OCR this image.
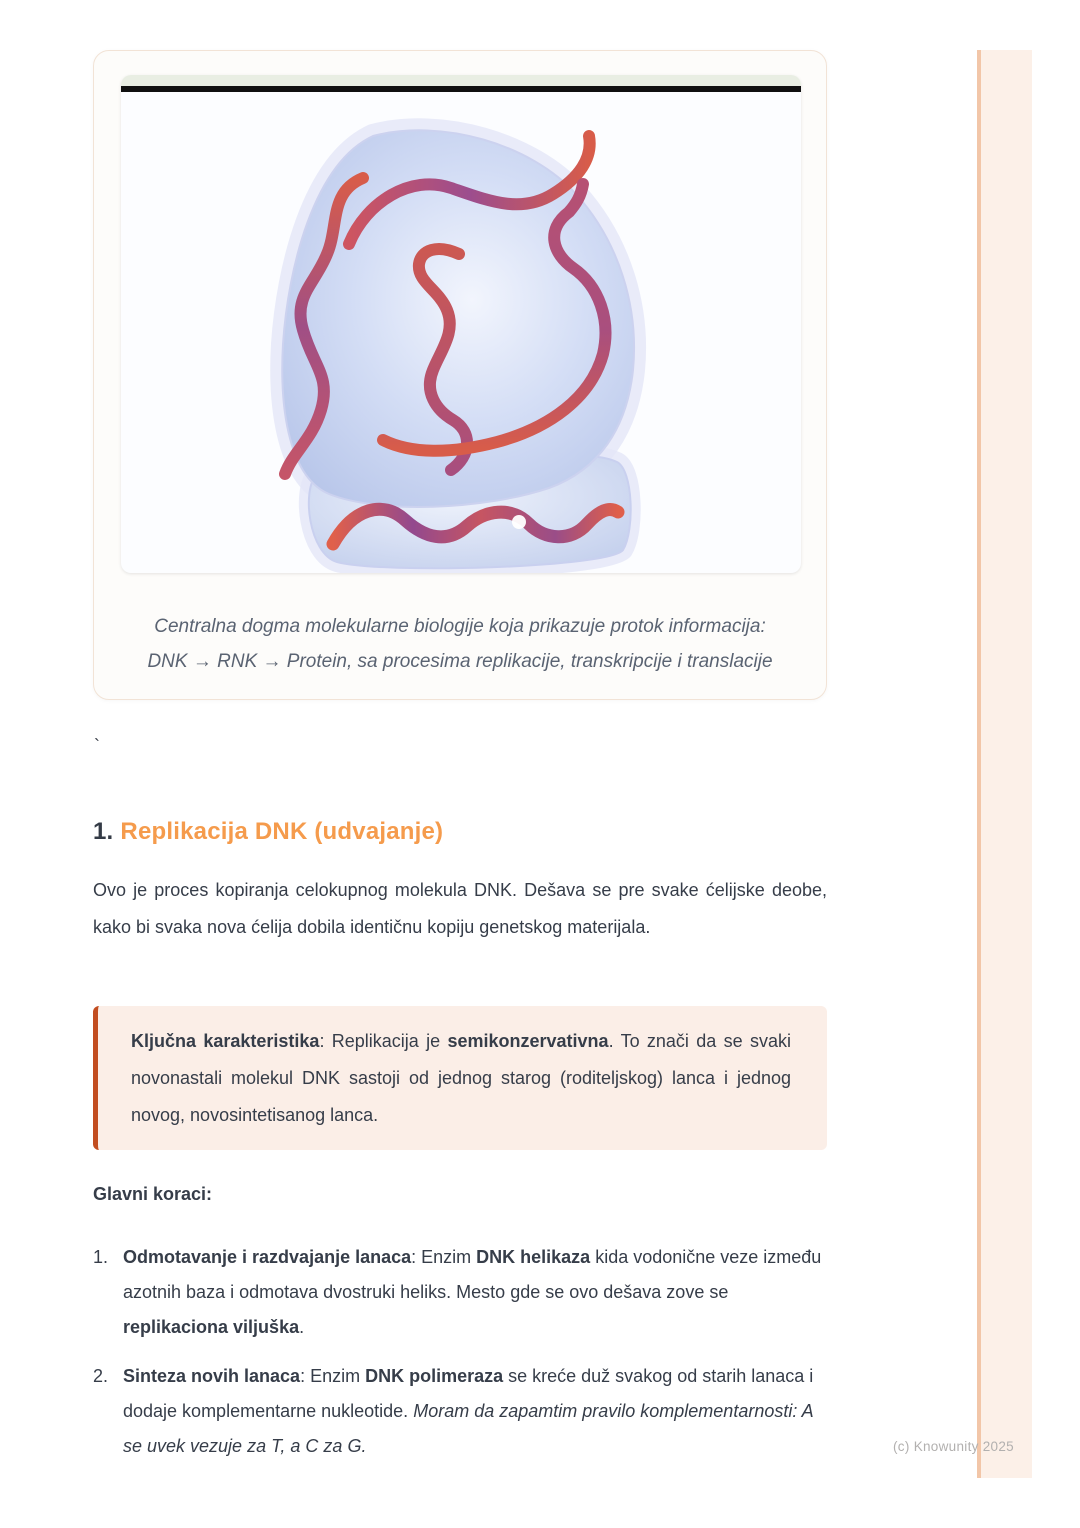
Centralna dogma molekularne biologije koja prikazuje protok informacija:
DNK → RNK → Protein, sa procesima replikacije, transkripcije i translacije
`
1. Replikacija DNK (udvajanje)

Ovo je proces kopiranja celokupnog molekula DNK. Dešava se pre svake ćelijske deobe, kako bi svaka nova ćelija dobila identičnu kopiju genetskog materijala.

Ključna karakteristika: Replikacija je semikonzervativna. To znači da se svaki novonastali molekul DNK sastoji od jednog starog (roditeljskog) lanca i jednog novog, novosintetisanog lanca.
Glavni koraci:
1. Odmotavanje i razdvajanje lanaca: Enzim DNK helikaza kida vodonične veze između azotnih baza i odmotava dvostruki heliks. Mesto gde se ovo dešava zove se replikaciona viljuška.
2. Sinteza novih lanaca: Enzim DNK polimeraza se kreće duž svakog od starih lanaca i dodaje komplementarne nukleotide. Moram da zapamtim pravilo komplementarnosti: A se uvek vezuje za T, a C za G.	(c) Knowunity 2025
